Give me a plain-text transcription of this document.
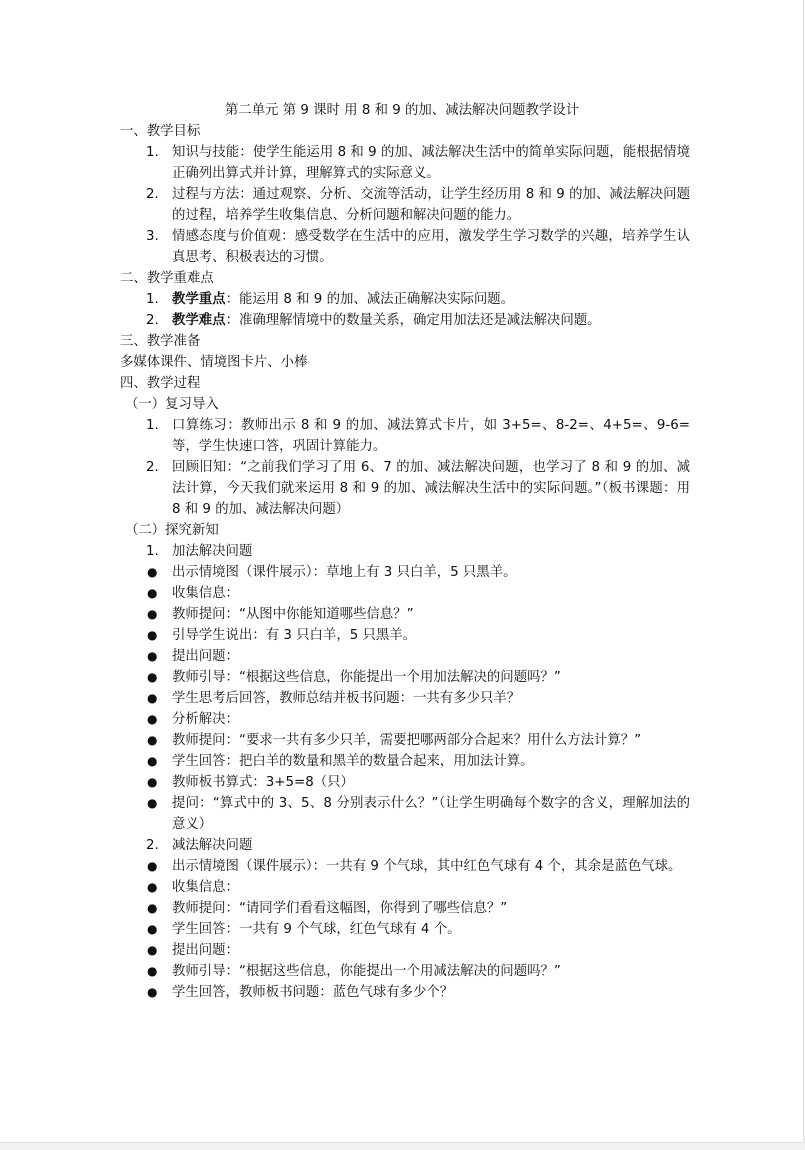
第二单元 第 9 课时 用 8 和 9 的加、减法解决问题教学设计
一、教学目标
1. 知识与技能：使学生能运用 8 和 9 的加、减法解决生活中的简单实际问题，能根据情境正确列出算式并计算，理解算式的实际意义。
2. 过程与方法：通过观察、分析、交流等活动，让学生经历用 8 和 9 的加、减法解决问题的过程，培养学生收集信息、分析问题和解决问题的能力。
3. 情感态度与价值观：感受数学在生活中的应用，激发学生学习数学的兴趣，培养学生认真思考、积极表达的习惯。
二、教学重难点
1. 教学重点：能运用 8 和 9 的加、减法正确解决实际问题。
2. 教学难点：准确理解情境中的数量关系，确定用加法还是减法解决问题。
三、教学准备
多媒体课件、情境图卡片、小棒
四、教学过程
（一）复习导入
1. 口算练习：教师出示 8 和 9 的加、减法算式卡片，如 3+5=、8-2=、4+5=、9-6= 等，学生快速口答，巩固计算能力。
2. 回顾旧知：“之前我们学习了用 6、7 的加、减法解决问题，也学习了 8 和 9 的加、减法计算，今天我们就来运用 8 和 9 的加、减法解决生活中的实际问题。”（板书课题：用 8 和 9 的加、减法解决问题）
（二）探究新知
1. 加法解决问题
● 出示情境图（课件展示）：草地上有 3 只白羊，5 只黑羊。
● 收集信息：
● 教师提问：“从图中你能知道哪些信息？”
● 引导学生说出：有 3 只白羊，5 只黑羊。
● 提出问题：
● 教师引导：“根据这些信息，你能提出一个用加法解决的问题吗？”
● 学生思考后回答，教师总结并板书问题：一共有多少只羊？
● 分析解决：
● 教师提问：“要求一共有多少只羊，需要把哪两部分合起来？用什么方法计算？”
● 学生回答：把白羊的数量和黑羊的数量合起来，用加法计算。
● 教师板书算式：3+5=8（只）
● 提问：“算式中的 3、5、8 分别表示什么？”（让学生明确每个数字的含义，理解加法的意义）
2. 减法解决问题
● 出示情境图（课件展示）：一共有 9 个气球，其中红色气球有 4 个，其余是蓝色气球。
● 收集信息：
● 教师提问：“请同学们看看这幅图，你得到了哪些信息？”
● 学生回答：一共有 9 个气球，红色气球有 4 个。
● 提出问题：
● 教师引导：“根据这些信息，你能提出一个用减法解决的问题吗？”
● 学生回答，教师板书问题：蓝色气球有多少个？
